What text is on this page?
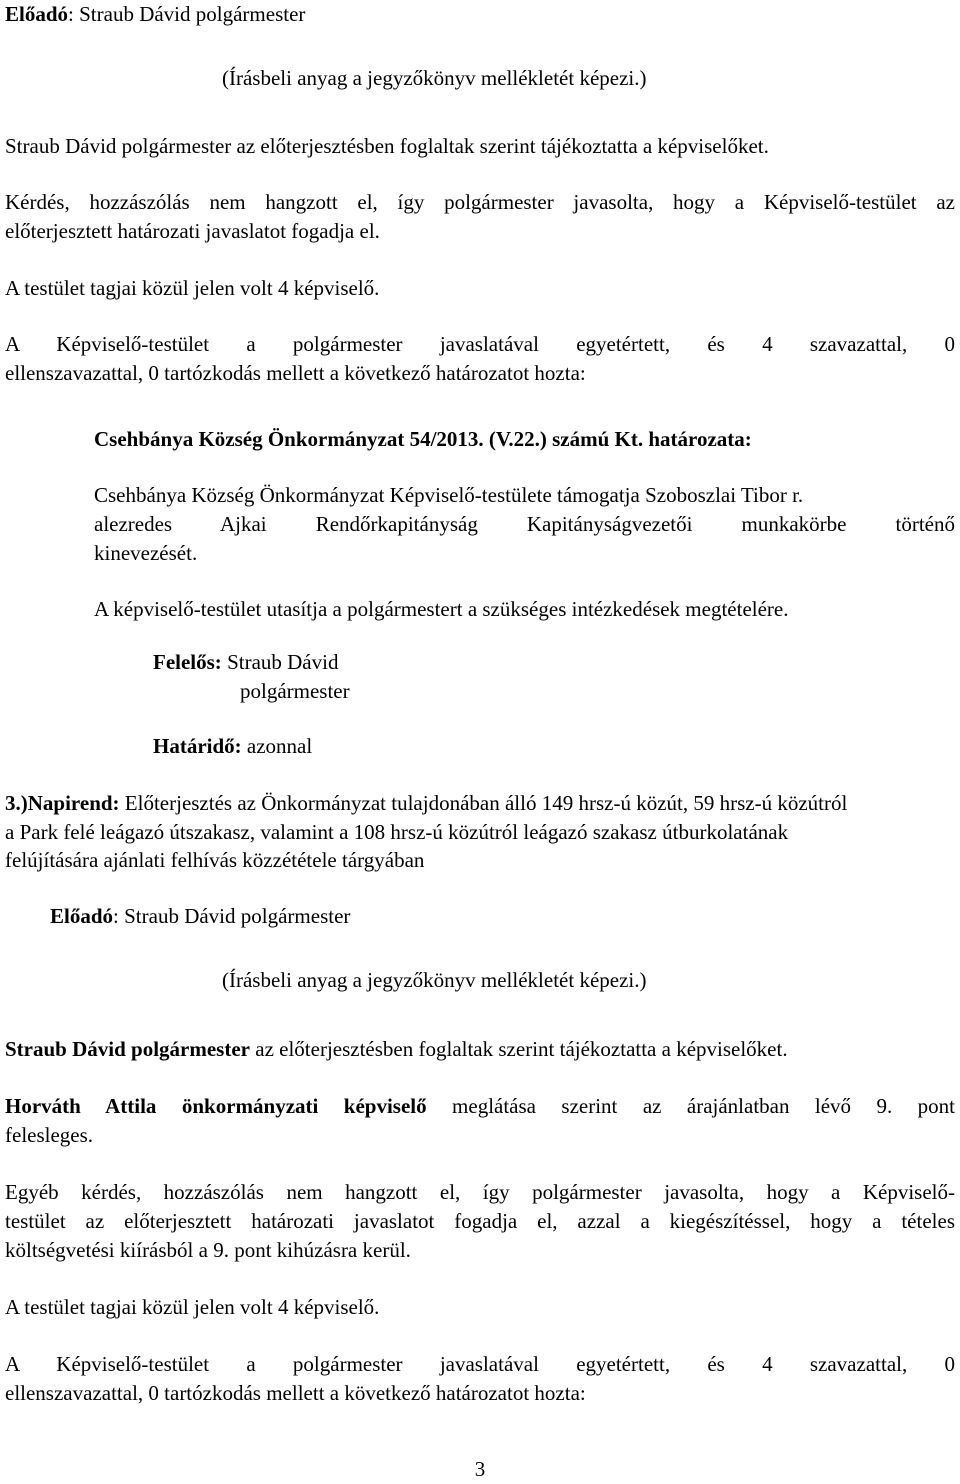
Előadó: Straub Dávid polgármester
(Írásbeli anyag a jegyzőkönyv mellékletét képezi.)
Straub Dávid polgármester az előterjesztésben foglaltak szerint tájékoztatta a képviselőket.
Kérdés, hozzászólás nem hangzott el, így polgármester javasolta, hogy a Képviselő-testület az
előterjesztett határozati javaslatot fogadja el.
A testület tagjai közül jelen volt 4 képviselő.
A Képviselő-testület a polgármester javaslatával egyetértett, és 4 szavazattal, 0
ellenszavazattal, 0 tartózkodás mellett a következő határozatot hozta:
Csehbánya Község Önkormányzat 54/2013. (V.22.) számú Kt. határozata:
Csehbánya Község Önkormányzat Képviselő-testülete támogatja Szoboszlai Tibor r.
alezredes Ajkai Rendőrkapitányság Kapitányságvezetői munkakörbe történő
kinevezését.
A képviselő-testület utasítja a polgármestert a szükséges intézkedések megtételére.
Felelős: Straub Dávid
polgármester
Határidő: azonnal
3.)Napirend: Előterjesztés az Önkormányzat tulajdonában álló 149 hrsz-ú közút, 59 hrsz-ú közútról
a Park felé leágazó útszakasz, valamint a 108 hrsz-ú közútról leágazó szakasz útburkolatának
felújítására ajánlati felhívás közzététele tárgyában
Előadó: Straub Dávid polgármester
(Írásbeli anyag a jegyzőkönyv mellékletét képezi.)
Straub Dávid polgármester az előterjesztésben foglaltak szerint tájékoztatta a képviselőket.
Horváth Attila önkormányzati képviselő meglátása szerint az árajánlatban lévő 9. pont
felesleges.
Egyéb kérdés, hozzászólás nem hangzott el, így polgármester javasolta, hogy a Képviselő-
testület az előterjesztett határozati javaslatot fogadja el, azzal a kiegészítéssel, hogy a tételes
költségvetési kiírásból a 9. pont kihúzásra kerül.
A testület tagjai közül jelen volt 4 képviselő.
A Képviselő-testület a polgármester javaslatával egyetértett, és 4 szavazattal, 0
ellenszavazattal, 0 tartózkodás mellett a következő határozatot hozta:
3
